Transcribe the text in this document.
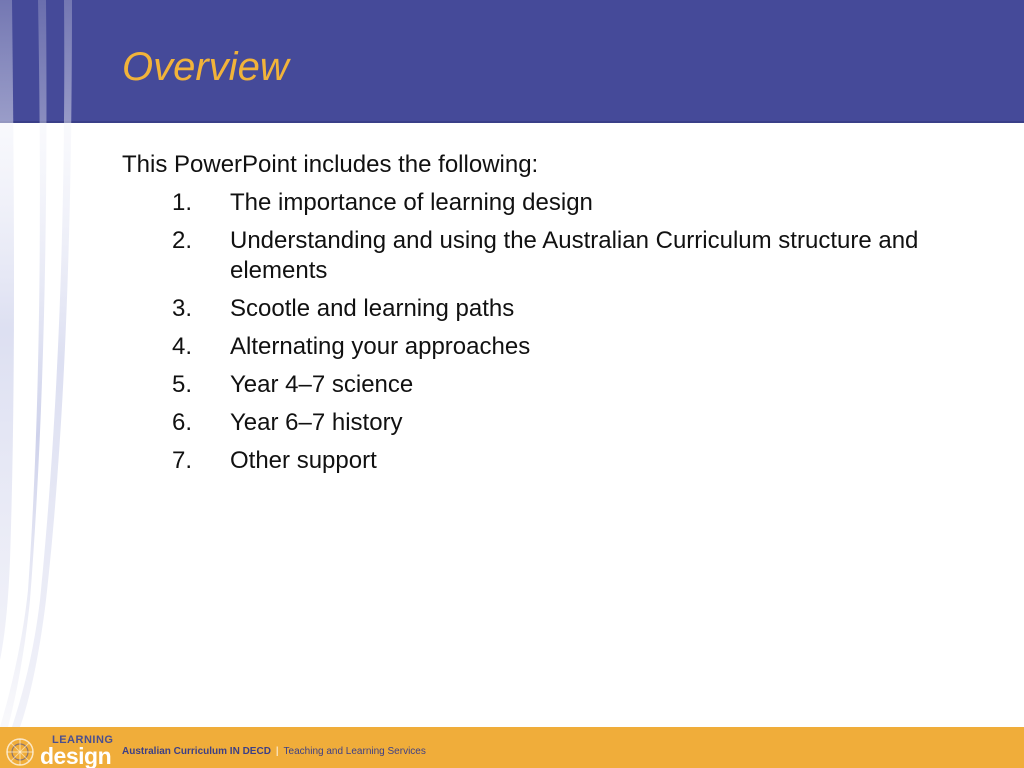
Overview

This PowerPoint includes the following:

1. The importance of learning design
2. Understanding and using the Australian Curriculum structure and elements
3. Scootle and learning paths
4. Alternating your approaches
5. Year 4–7 science
6. Year 6–7 history
7. Other support
LEARNING
design Australian Curriculum IN DECD | Teaching and Learning Services
